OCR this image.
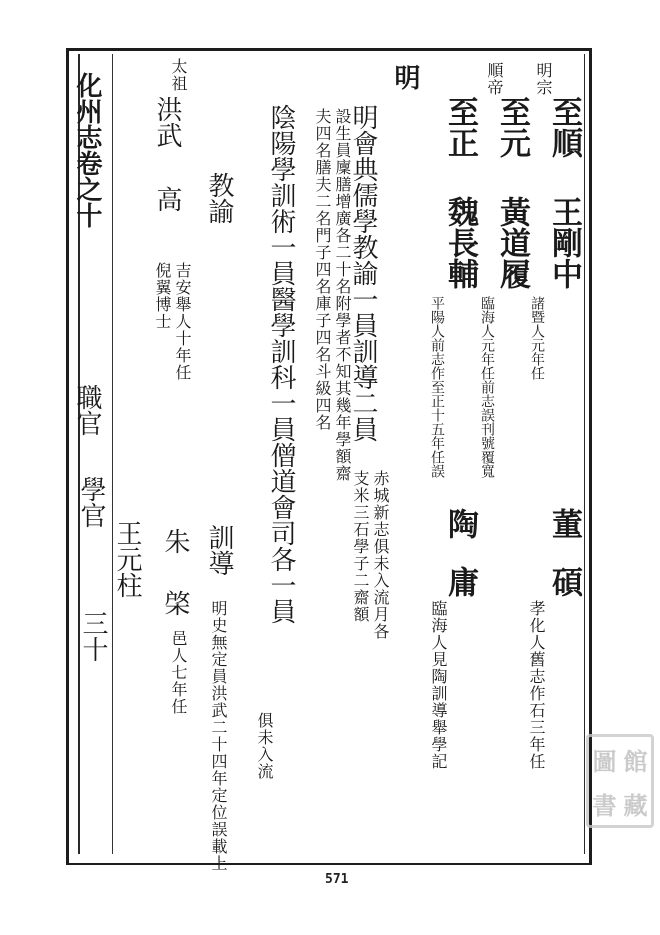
化州志卷之十
職官
學官
三十
明宗
至順
王剛中
諸暨人元年任
董
碩
孝化人舊志作石三年任
順帝
至元
黃道履
臨海人元年任前志誤刊號覆寬
至正
魏長輔
平陽人前志作至正十五年任誤
陶
庸
臨海人見陶訓導舉學記
明
明會典儒學教諭一員訓導二員
赤城新志俱未入流月各
支米三石學子二齋額
設生員廩膳增廣各二十名附學者不知其幾年學額齋
夫四名膳夫二名門子四名庫子四名斗級四名
陰陽學訓術一員醫學訓科一員僧道會司各一員
俱未入流
教諭
太祖
洪武
高
吉安舉人十年任
倪翼博士
朱
棨
邑人七年任
訓導
明史無定員洪武二十四年定位誤載上
王元柱
571
圖 館
書 藏
